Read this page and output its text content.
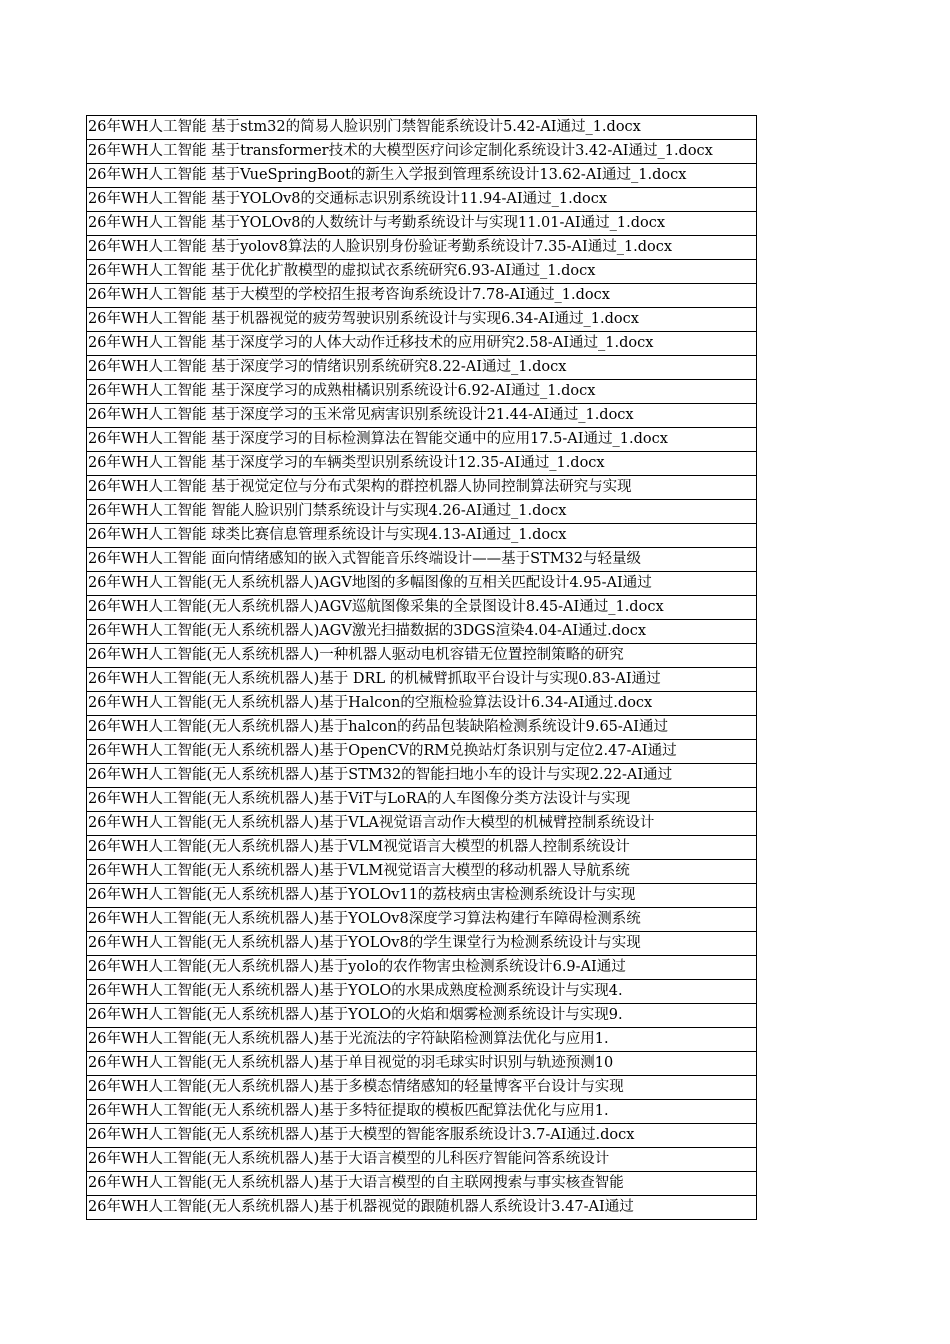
26年WH人工智能 基于stm32的简易人脸识别门禁智能系统设计5.42-AI通过_1.docx
26年WH人工智能 基于transformer技术的大模型医疗问诊定制化系统设计3.42-AI通过_1.docx
26年WH人工智能 基于VueSpringBoot的新生入学报到管理系统设计13.62-AI通过_1.docx
26年WH人工智能 基于YOLOv8的交通标志识别系统设计11.94-AI通过_1.docx
26年WH人工智能 基于YOLOv8的人数统计与考勤系统设计与实现11.01-AI通过_1.docx
26年WH人工智能 基于yolov8算法的人脸识别身份验证考勤系统设计7.35-AI通过_1.docx
26年WH人工智能 基于优化扩散模型的虚拟试衣系统研究6.93-AI通过_1.docx
26年WH人工智能 基于大模型的学校招生报考咨询系统设计7.78-AI通过_1.docx
26年WH人工智能 基于机器视觉的疲劳驾驶识别系统设计与实现6.34-AI通过_1.docx
26年WH人工智能 基于深度学习的人体大动作迁移技术的应用研究2.58-AI通过_1.docx
26年WH人工智能 基于深度学习的情绪识别系统研究8.22-AI通过_1.docx
26年WH人工智能 基于深度学习的成熟柑橘识别系统设计6.92-AI通过_1.docx
26年WH人工智能 基于深度学习的玉米常见病害识别系统设计21.44-AI通过_1.docx
26年WH人工智能 基于深度学习的目标检测算法在智能交通中的应用17.5-AI通过_1.docx
26年WH人工智能 基于深度学习的车辆类型识别系统设计12.35-AI通过_1.docx
26年WH人工智能 基于视觉定位与分布式架构的群控机器人协同控制算法研究与实现
26年WH人工智能 智能人脸识别门禁系统设计与实现4.26-AI通过_1.docx
26年WH人工智能 球类比赛信息管理系统设计与实现4.13-AI通过_1.docx
26年WH人工智能 面向情绪感知的嵌入式智能音乐终端设计——基于STM32与轻量级
26年WH人工智能(无人系统机器人)AGV地图的多幅图像的互相关匹配设计4.95-AI通过
26年WH人工智能(无人系统机器人)AGV巡航图像采集的全景图设计8.45-AI通过_1.docx
26年WH人工智能(无人系统机器人)AGV激光扫描数据的3DGS渲染4.04-AI通过.docx
26年WH人工智能(无人系统机器人)一种机器人驱动电机容错无位置控制策略的研究
26年WH人工智能(无人系统机器人)基于 DRL 的机械臂抓取平台设计与实现0.83-AI通过
26年WH人工智能(无人系统机器人)基于Halcon的空瓶检验算法设计6.34-AI通过.docx
26年WH人工智能(无人系统机器人)基于halcon的药品包装缺陷检测系统设计9.65-AI通过
26年WH人工智能(无人系统机器人)基于OpenCV的RM兑换站灯条识别与定位2.47-AI通过
26年WH人工智能(无人系统机器人)基于STM32的智能扫地小车的设计与实现2.22-AI通过
26年WH人工智能(无人系统机器人)基于ViT与LoRA的人车图像分类方法设计与实现
26年WH人工智能(无人系统机器人)基于VLA视觉语言动作大模型的机械臂控制系统设计
26年WH人工智能(无人系统机器人)基于VLM视觉语言大模型的机器人控制系统设计
26年WH人工智能(无人系统机器人)基于VLM视觉语言大模型的移动机器人导航系统
26年WH人工智能(无人系统机器人)基于YOLOv11的荔枝病虫害检测系统设计与实现
26年WH人工智能(无人系统机器人)基于YOLOv8深度学习算法构建行车障碍检测系统
26年WH人工智能(无人系统机器人)基于YOLOv8的学生课堂行为检测系统设计与实现
26年WH人工智能(无人系统机器人)基于yolo的农作物害虫检测系统设计6.9-AI通过
26年WH人工智能(无人系统机器人)基于YOLO的水果成熟度检测系统设计与实现4.
26年WH人工智能(无人系统机器人)基于YOLO的火焰和烟雾检测系统设计与实现9.
26年WH人工智能(无人系统机器人)基于光流法的字符缺陷检测算法优化与应用1.
26年WH人工智能(无人系统机器人)基于单目视觉的羽毛球实时识别与轨迹预测10
26年WH人工智能(无人系统机器人)基于多模态情绪感知的轻量博客平台设计与实现
26年WH人工智能(无人系统机器人)基于多特征提取的模板匹配算法优化与应用1.
26年WH人工智能(无人系统机器人)基于大模型的智能客服系统设计3.7-AI通过.docx
26年WH人工智能(无人系统机器人)基于大语言模型的儿科医疗智能问答系统设计
26年WH人工智能(无人系统机器人)基于大语言模型的自主联网搜索与事实核查智能
26年WH人工智能(无人系统机器人)基于机器视觉的跟随机器人系统设计3.47-AI通过
